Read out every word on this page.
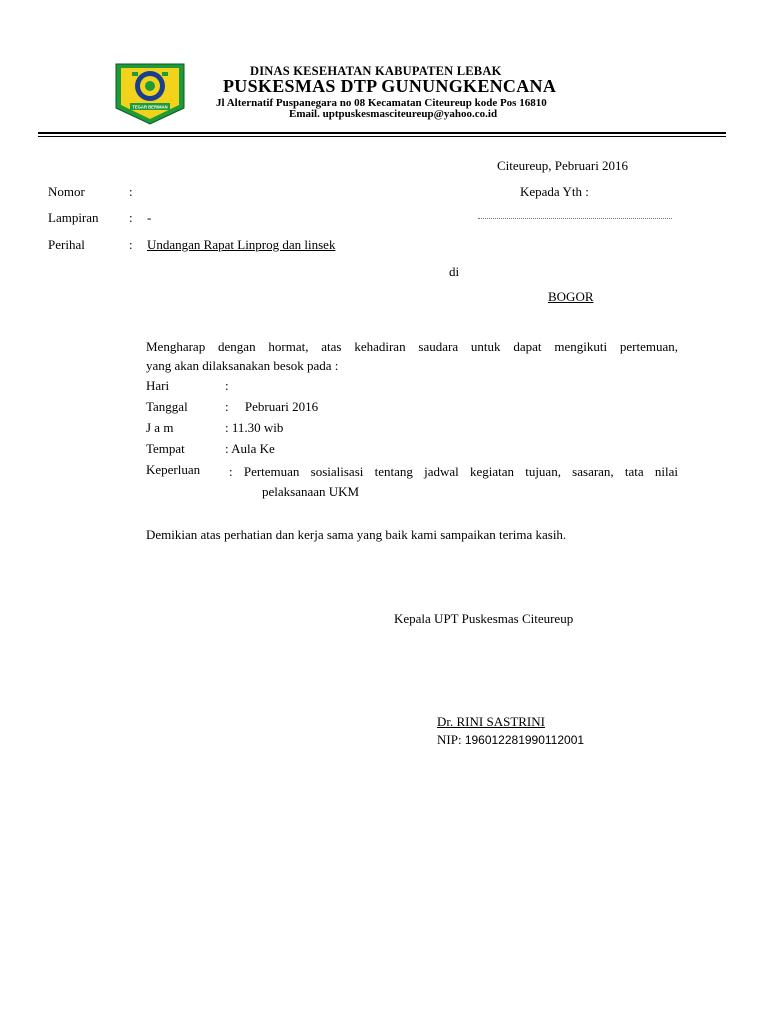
TEGAR BERIMAN
DINAS KESEHATAN KABUPATEN LEBAK
PUSKESMAS DTP GUNUNGKENCANA
Jl Alternatif Puspanegara no 08 Kecamatan Citeureup kode Pos 16810
Email. uptpuskesmasciteureup@yahoo.co.id
Citeureup, Pebruari 2016
Nomor	:
Lampiran : -
Perihal	: Undangan Rapat Linprog dan linsek
Kepada Yth :
di
BOGOR
Mengharap dengan hormat, atas kehadiran saudara untuk dapat mengikuti pertemuan,
yang akan dilaksanakan besok pada :
Hari	:
Tanggal	:     Pebruari 2016
J a m	: 11.30 wib
Tempat	: Aula Ke
Keperluan : Pertemuan sosialisasi tentang jadwal kegiatan tujuan, sasaran, tata nilai
pelaksanaan UKM
Demikian atas perhatian dan kerja sama yang baik kami sampaikan terima kasih.
Kepala UPT Puskesmas Citeureup
Dr. RINI SASTRINI
NIP: 196012281990112001
